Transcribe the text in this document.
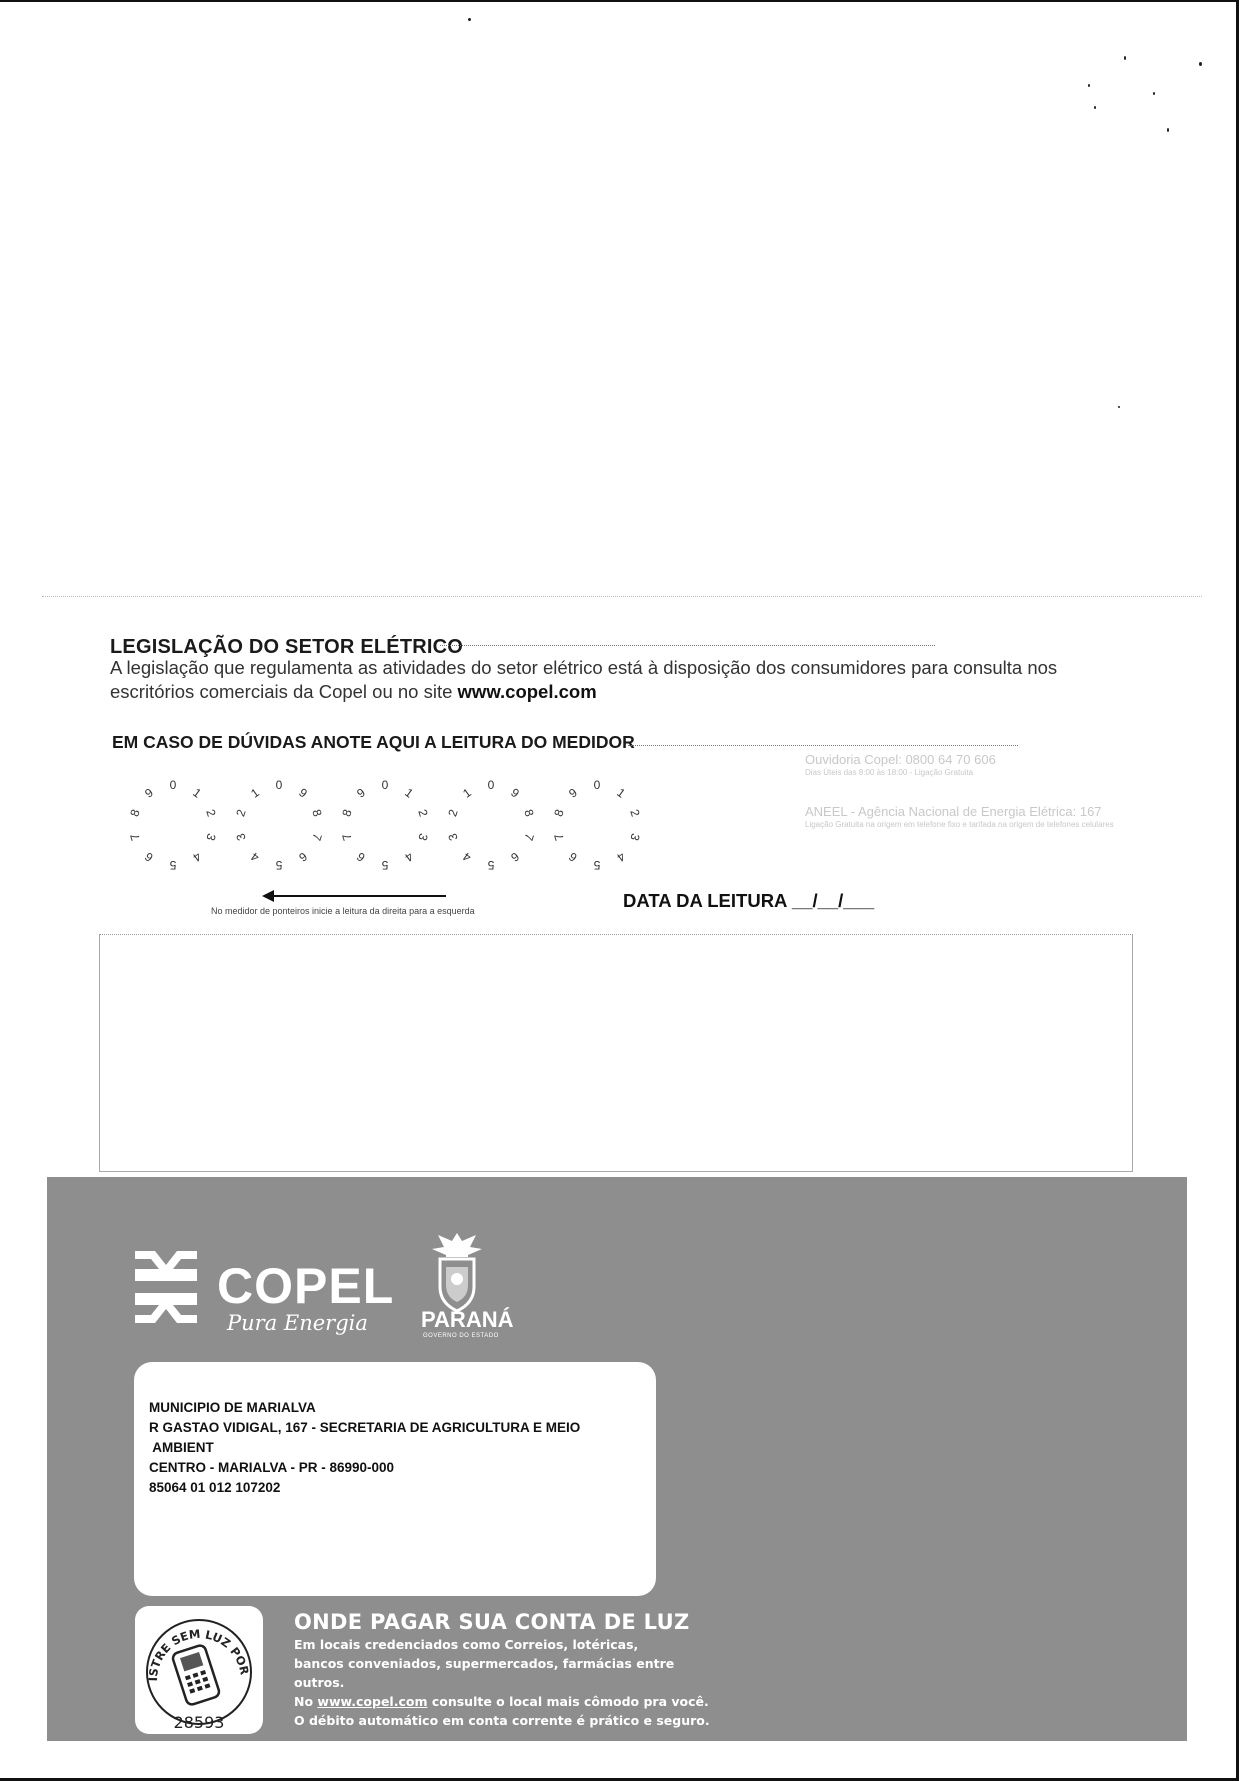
LEGISLAÇÃO DO SETOR ELÉTRICO
A legislação que regulamenta as atividades do setor elétrico está à disposição dos consumidores para consulta nos escritórios comerciais da Copel ou no site www.copel.com
EM CASO DE DÚVIDAS ANOTE AQUI A LEITURA DO MEDIDOR
0	1
2
3
4
5
6
7
8
9	0	9
8
7
6
5
4
3
2
1	0	1
2
3
4
5
6
7
8
9	0	9
8
7
6
5
4
3
2
1	0	1
2
3
4
5
6
7
8
9
No medidor de ponteiros inicie a leitura da direita para a esquerda
Ouvidoria Copel: 0800 64 70 606
Dias Úteis das 8:00 às 18:00 - Ligação Gratuita
ANEEL - Agência Nacional de Energia Elétrica: 167
Ligação Gratuita na origem em telefone fixo e tarifada na origem de telefones celulares
DATA DA LEITURA __/__/___
COPEL
Pura Energia PARANÁ
GOVERNO DO ESTADO
MUNICIPIO DE MARIALVA
R GASTAO VIDIGAL, 167 - SECRETARIA DE AGRICULTURA E MEIO
AMBIENT
CENTRO - MARIALVA - PR - 86990-000
85064 01 012 107202
ISTRE SEM LUZ POR
28593
ONDE PAGAR SUA CONTA DE LUZ
Em locais credenciados como Correios, lotéricas,
bancos conveniados, supermercados, farmácias entre outros.
No www.copel.com consulte o local mais cômodo pra você.
O débito automático em conta corrente é prático e seguro.
